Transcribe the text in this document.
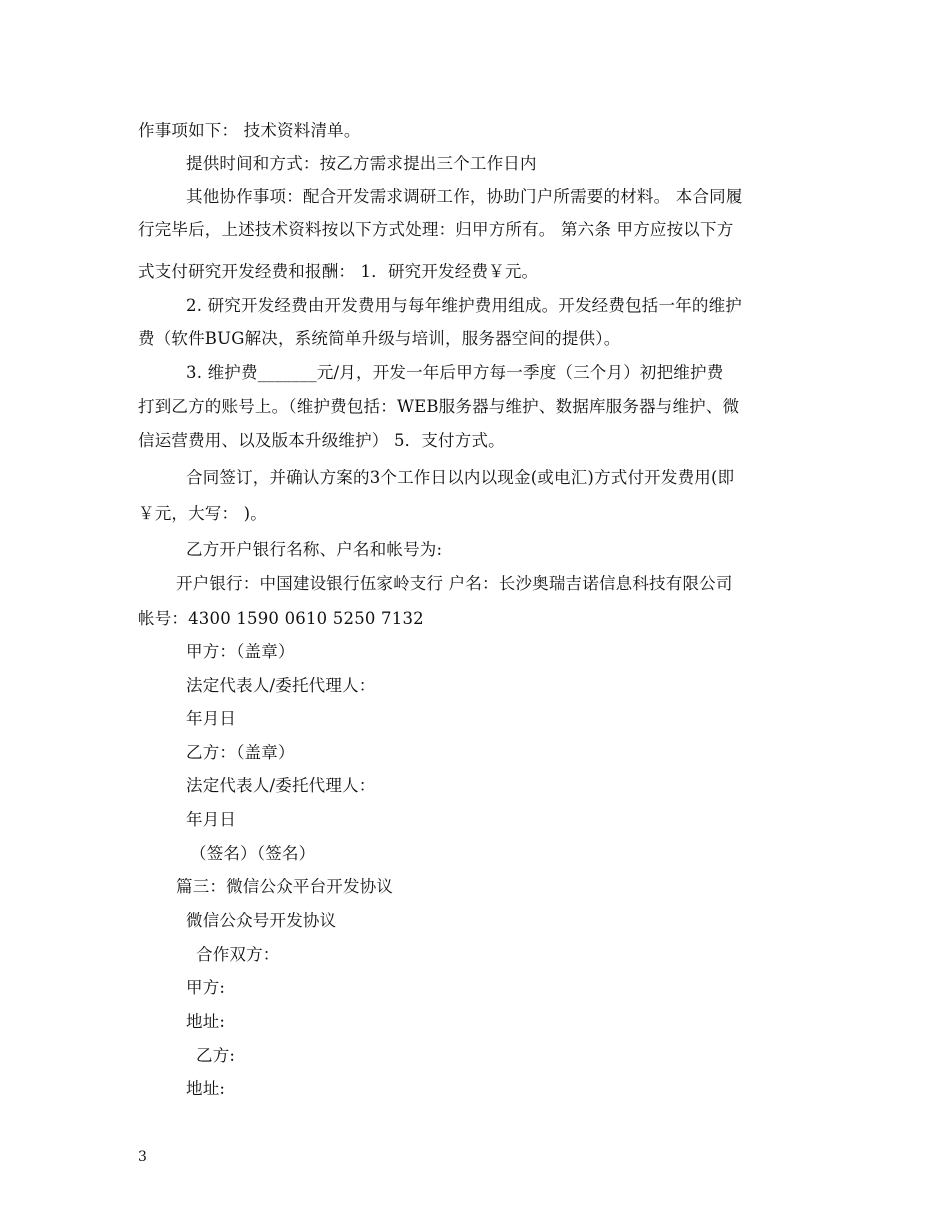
作事项如下： 技术资料清单。
提供时间和方式：按乙方需求提出三个工作日内
其他协作事项：配合开发需求调研工作，协助门户所需要的材料。 本合同履
行完毕后，上述技术资料按以下方式处理：归甲方所有。 第六条 甲方应按以下方
式支付研究开发经费和报酬： 1．研究开发经费￥元。
2. 研究开发经费由开发费用与每年维护费用组成。开发经费包括一年的维护
费（软件BUG解决，系统简单升级与培训，服务器空间的提供）。
3. 维护费_______元/月，开发一年后甲方每一季度（三个月）初把维护费
打到乙方的账号上。（维护费包括：WEB服务器与维护、数据库服务器与维护、微
信运营费用、以及版本升级维护） 5．支付方式。
合同签订，并确认方案的3个工作日以内以现金(或电汇)方式付开发费用(即
￥元，大写： )。
乙方开户银行名称、户名和帐号为:
开户银行：中国建设银行伍家岭支行 户名：长沙奥瑞吉诺信息科技有限公司
帐号：4300 1590 0610 5250 7132
甲方：（盖章）
法定代表人/委托代理人：
年月日
乙方：（盖章）
法定代表人/委托代理人：
年月日
（签名）（签名）
篇三：微信公众平台开发协议
微信公众号开发协议
合作双方：
甲方:
地址:
乙方:
地址:
3
